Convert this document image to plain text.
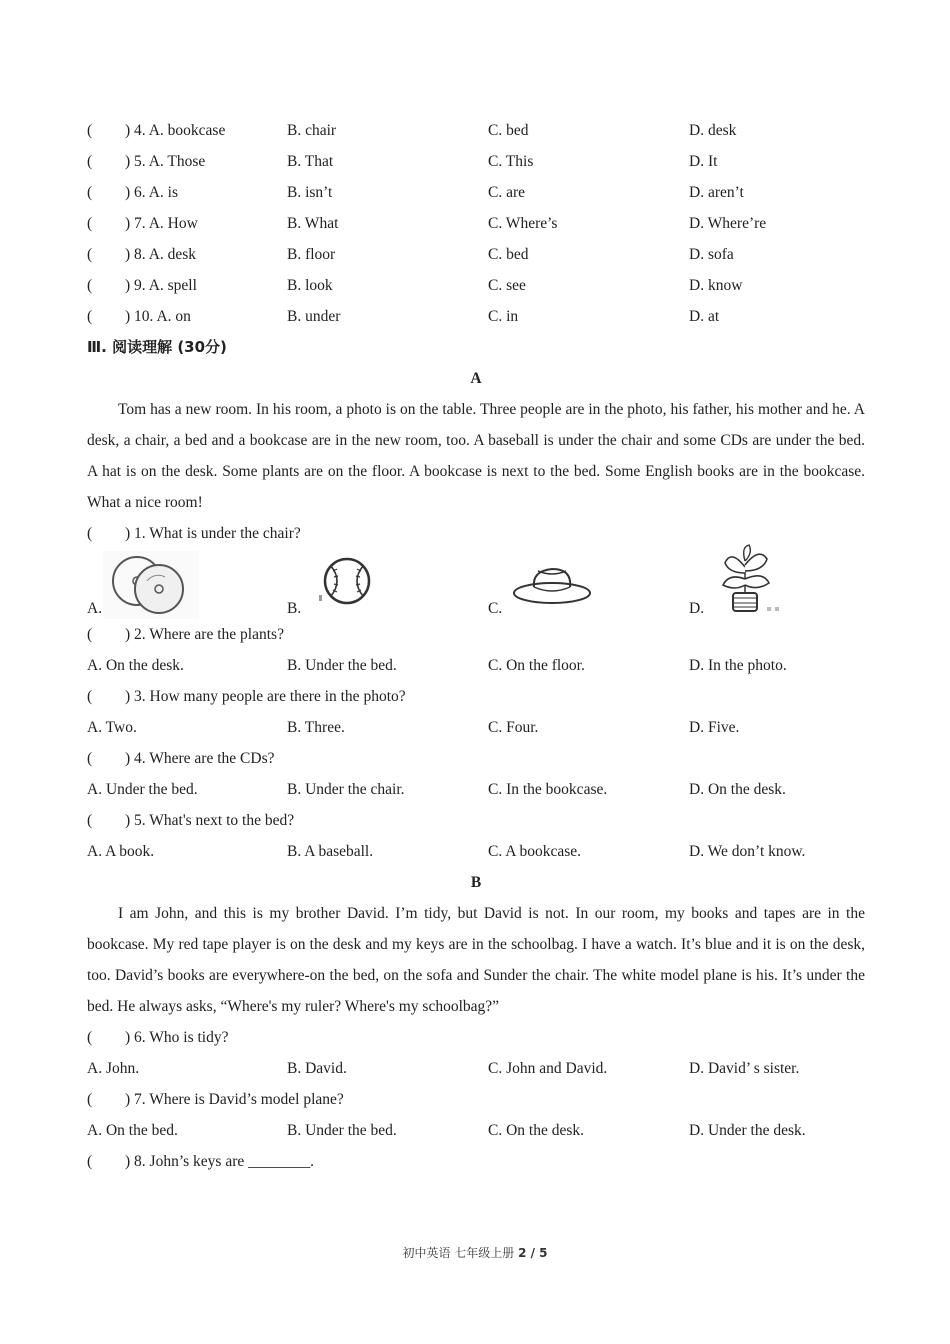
( ) 4. A. bookcase	B. chair	C. bed	D. desk
( ) 5. A. Those	B. That	C. This	D. It
( ) 6. A. is	B. isn’t	C. are	D. aren’t
( ) 7. A. How	B. What	C. Where’s	D. Where’re
( ) 8. A. desk	B. floor	C. bed	D. sofa
( ) 9. A. spell	B. look	C. see	D. know
( ) 10. A. on	B. under	C. in	D. at
Ⅲ. 阅读理解 (30分)
A
Tom has a new room. In his room, a photo is on the table. Three people are in the photo, his father, his mother and he. A desk, a chair, a bed and a bookcase are in the new room, too. A baseball is under the chair and some CDs are under the bed. A hat is on the desk. Some plants are on the floor. A bookcase is next to the bed. Some English books are in the bookcase. What a nice room!
( ) 1. What is under the chair?
A.	B.	C.	D.
( ) 2. Where are the plants?
A. On the desk.	B. Under the bed.	C. On the floor.	D. In the photo.
( ) 3. How many people are there in the photo?
A. Two.	B. Three.	C. Four.	D. Five.
( ) 4. Where are the CDs?
A. Under the bed.	B. Under the chair.	C. In the bookcase.	D. On the desk.
( ) 5. What's next to the bed?
A. A book.	B. A baseball.	C. A bookcase.	D. We don’t know.
B
I am John, and this is my brother David. I’m tidy, but David is not. In our room, my books and tapes are in the bookcase. My red tape player is on the desk and my keys are in the schoolbag. I have a watch. It’s blue and it is on the desk, too. David’s books are everywhere-on the bed, on the sofa and Sunder the chair. The white model plane is his. It’s under the bed. He always asks, “Where's my ruler? Where's my schoolbag?”
( ) 6. Who is tidy?
A. John.	B. David.	C. John and David.	D. David’ s sister.
( ) 7. Where is David’s model plane?
A. On the bed.	B. Under the bed.	C. On the desk.	D. Under the desk.
( ) 8. John’s keys are ________.
初中英语 七年级上册 2 / 5
